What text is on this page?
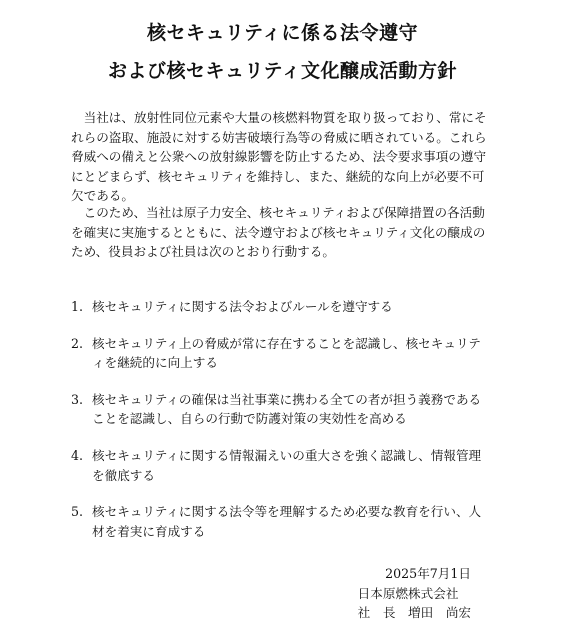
核セキュリティに係る法令遵守
および核セキュリティ文化醸成活動方針

当社は、放射性同位元素や大量の核燃料物質を取り扱っており、常にそれらの盗取、施設に対する妨害破壊行為等の脅威に晒されている。これら脅威への備えと公衆への放射線影響を防止するため、法令要求事項の遵守にとどまらず、核セキュリティを維持し、また、継続的な向上が必要不可欠である。

このため、当社は原子力安全、核セキュリティおよび保障措置の各活動を確実に実施するとともに、法令遵守および核セキュリティ文化の醸成のため、役員および社員は次のとおり行動する。

1. 核セキュリティに関する法令およびルールを遵守する
2. 核セキュリティ上の脅威が常に存在することを認識し、核セキュリティを継続的に向上する
3. 核セキュリティの確保は当社事業に携わる全ての者が担う義務であることを認識し、自らの行動で防護対策の実効性を高める
4. 核セキュリティに関する情報漏えいの重大さを強く認識し、情報管理を徹底する
5. 核セキュリティに関する法令等を理解するため必要な教育を行い、人材を着実に育成する
2025年7月1日
日本原燃株式会社
社　長　増田　尚宏
